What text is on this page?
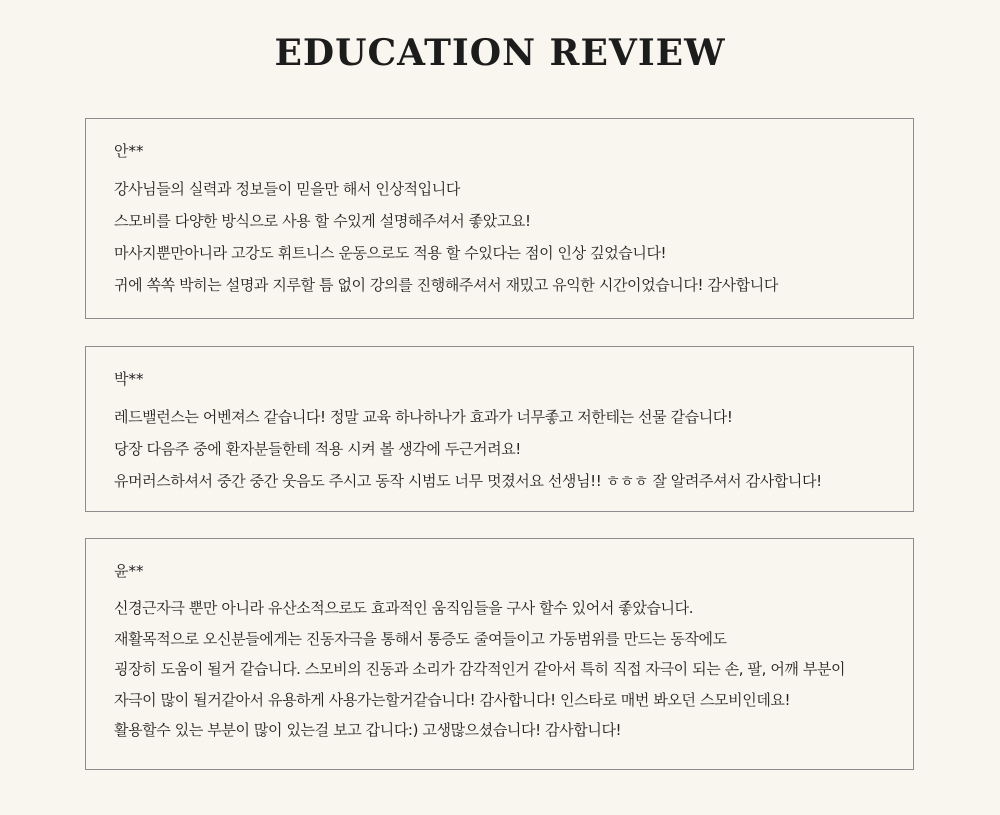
EDUCATION REVIEW
안**
강사님들의 실력과 정보들이 믿을만 해서 인상적입니다
스모비를 다양한 방식으로 사용 할 수있게 설명해주셔서 좋았고요!
마사지뿐만아니라 고강도 휘트니스 운동으로도 적용 할 수있다는 점이 인상 깊었습니다!
귀에 쏙쏙 박히는 설명과 지루할 틈 없이 강의를 진행해주셔서 재밌고 유익한 시간이었습니다! 감사합니다
박**
레드밸런스는 어벤져스 같습니다! 정말 교육 하나하나가 효과가 너무좋고 저한테는 선물 같습니다!
당장 다음주 중에 환자분들한테 적용 시켜 볼 생각에 두근거려요!
유머러스하셔서 중간 중간 웃음도 주시고 동작 시범도 너무 멋졌서요 선생님!! ㅎㅎㅎ 잘 알려주셔서 감사합니다!
윤**
신경근자극 뿐만 아니라 유산소적으로도 효과적인 움직임들을 구사 할수 있어서 좋았습니다.
재활목적으로 오신분들에게는 진동자극을 통해서 통증도 줄여들이고 가동범위를 만드는 동작에도
굉장히 도움이 될거 같습니다. 스모비의 진동과 소리가 감각적인거 같아서 특히 직접 자극이 되는 손, 팔, 어깨 부분이
자극이 많이 될거같아서 유용하게 사용가는할거같습니다! 감사합니다! 인스타로 매번 봐오던 스모비인데요!
활용할수 있는 부분이 많이 있는걸 보고 갑니다:) 고생많으셨습니다! 감사합니다!
